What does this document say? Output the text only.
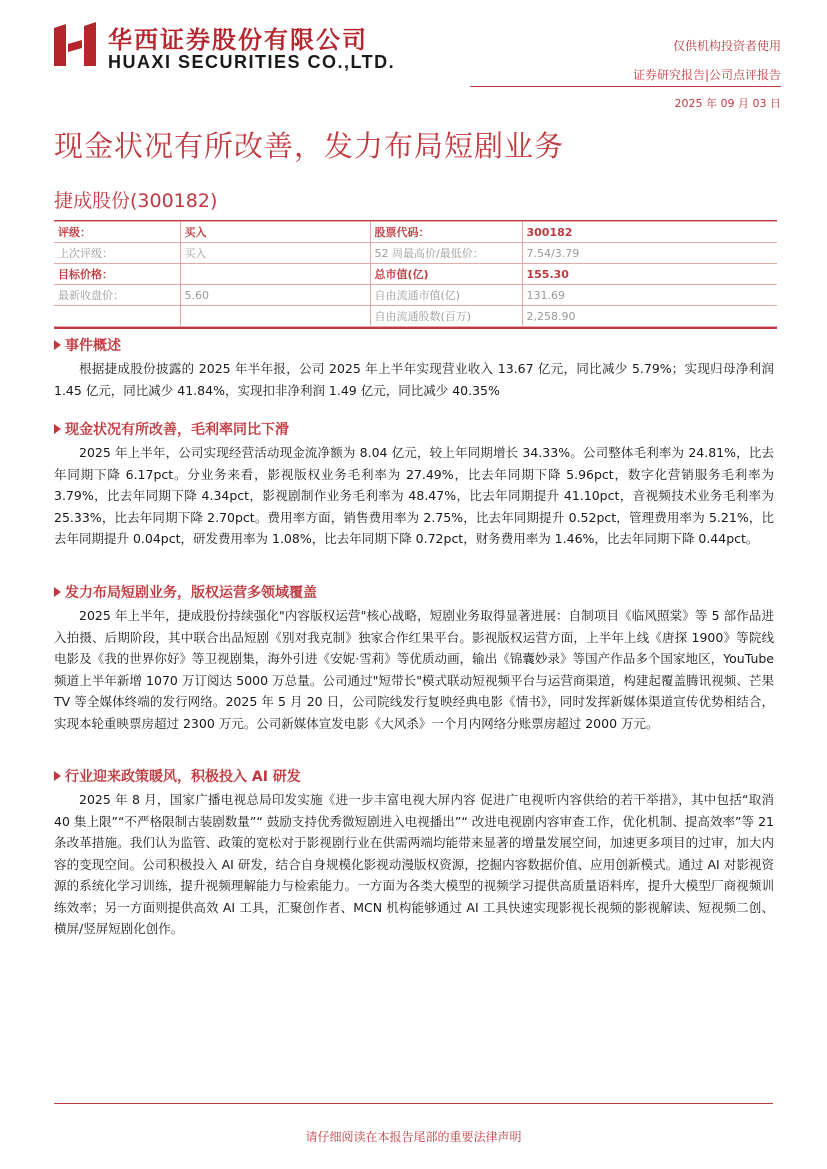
华西证券股份有限公司
HUAXI SECURITIES CO.,LTD.
仅供机构投资者使用
证券研究报告|公司点评报告
2025 年 09 月 03 日
现金状况有所改善，发力布局短剧业务
捷成股份(300182)
评级：	买入	股票代码：	300182
上次评级：	买入	52 周最高价/最低价：	7.54/3.79
目标价格：		总市值(亿)	155.30
最新收盘价：	5.60	自由流通市值(亿)	131.69
		自由流通股数(百万)	2,258.90
事件概述

根据捷成股份披露的 2025 年半年报，公司 2025 年上半年实现营业收入 13.67 亿元，同比减少 5.79%；实现归母净利润 1.45 亿元，同比减少 41.84%，实现扣非净利润 1.49 亿元，同比减少 40.35%

现金状况有所改善，毛利率同比下滑

2025 年上半年，公司实现经营活动现金流净额为 8.04 亿元，较上年同期增长 34.33%。公司整体毛利率为 24.81%，比去年同期下降 6.17pct。分业务来看，影视版权业务毛利率为 27.49%，比去年同期下降 5.96pct，数字化营销服务毛利率为 3.79%，比去年同期下降 4.34pct，影视剧制作业务毛利率为 48.47%，比去年同期提升 41.10pct，音视频技术业务毛利率为 25.33%，比去年同期下降 2.70pct。费用率方面，销售费用率为 2.75%，比去年同期提升 0.52pct，管理费用率为 5.21%，比去年同期提升 0.04pct，研发费用率为 1.08%，比去年同期下降 0.72pct，财务费用率为 1.46%，比去年同期下降 0.44pct。

发力布局短剧业务，版权运营多领域覆盖

2025 年上半年，捷成股份持续强化"内容版权运营"核心战略，短剧业务取得显著进展：自制项目《临风照棠》等 5 部作品进入拍摄、后期阶段，其中联合出品短剧《别对我克制》独家合作红果平台。影视版权运营方面，上半年上线《唐探 1900》等院线电影及《我的世界你好》等卫视剧集，海外引进《安妮·雪莉》等优质动画，输出《锦囊妙录》等国产作品多个国家地区，YouTube 频道上半年新增 1070 万订阅达 5000 万总量。公司通过"短带长"模式联动短视频平台与运营商渠道，构建起覆盖腾讯视频、芒果 TV 等全媒体终端的发行网络。2025 年 5 月 20 日，公司院线发行复映经典电影《情书》，同时发挥新媒体渠道宣传优势相结合，实现本轮重映票房超过 2300 万元。公司新媒体宣发电影《大风杀》一个月内网络分账票房超过 2000 万元。

行业迎来政策暖风，积极投入 AI 研发

2025 年 8 月，国家广播电视总局印发实施《进一步丰富电视大屏内容 促进广电视听内容供给的若干举措》，其中包括“取消 40 集上限”“不严格限制古装剧数量”“ 鼓励支持优秀微短剧进入电视播出”“ 改进电视剧内容审查工作，优化机制、提高效率”等 21 条改革措施。我们认为监管、政策的宽松对于影视剧行业在供需两端均能带来显著的增量发展空间，加速更多项目的过审，加大内容的变现空间。公司积极投入 AI 研发，结合自身规模化影视动漫版权资源，挖掘内容数据价值、应用创新模式。通过 AI 对影视资源的系统化学习训练，提升视频理解能力与检索能力。一方面为各类大模型的视频学习提供高质量语料库，提升大模型厂商视频训练效率；另一方面则提供高效 AI 工具，汇聚创作者、MCN 机构能够通过 AI 工具快速实现影视长视频的影视解读、短视频二创、横屏/竖屏短剧化创作。

请仔细阅读在本报告尾部的重要法律声明
